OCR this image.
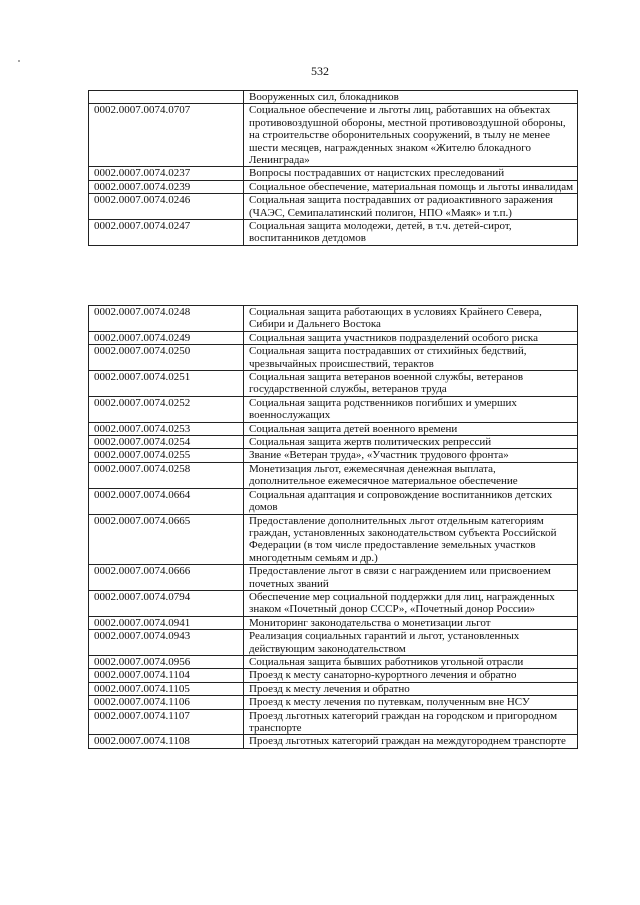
532
	Вооруженных сил, блокадников
0002.0007.0074.0707	Социальное обеспечение и льготы лиц, работавших на объектах противовоздушной обороны, местной противовоздушной обороны, на строительстве оборонительных сооружений, в тылу не менее шести месяцев, награжденных знаком «Жителю блокадного Ленинграда»
0002.0007.0074.0237	Вопросы пострадавших от нацистских преследований
0002.0007.0074.0239	Социальное обеспечение, материальная помощь и льготы инвалидам
0002.0007.0074.0246	Социальная защита пострадавших от радиоактивного заражения (ЧАЭС, Семипалатинский полигон, НПО «Маяк» и т.п.)
0002.0007.0074.0247	Социальная защита молодежи, детей, в т.ч. детей-сирот, воспитанников детдомов
0002.0007.0074.0248	Социальная защита работающих в условиях Крайнего Севера, Сибири и Дальнего Востока
0002.0007.0074.0249	Социальная защита участников подразделений особого риска
0002.0007.0074.0250	Социальная защита пострадавших от стихийных бедствий, чрезвычайных происшествий, терактов
0002.0007.0074.0251	Социальная защита ветеранов военной службы, ветеранов государственной службы, ветеранов труда
0002.0007.0074.0252	Социальная защита родственников погибших и умерших военнослужащих
0002.0007.0074.0253	Социальная защита детей военного времени
0002.0007.0074.0254	Социальная защита жертв политических репрессий
0002.0007.0074.0255	Звание «Ветеран труда», «Участник трудового фронта»
0002.0007.0074.0258	Монетизация льгот, ежемесячная денежная выплата, дополнительное ежемесячное материальное обеспечение
0002.0007.0074.0664	Социальная адаптация и сопровождение воспитанников детских домов
0002.0007.0074.0665	Предоставление дополнительных льгот отдельным категориям граждан, установленных законодательством субъекта Российской Федерации (в том числе предоставление земельных участков многодетным семьям и др.)
0002.0007.0074.0666	Предоставление льгот в связи с награждением или присвоением почетных званий
0002.0007.0074.0794	Обеспечение мер социальной поддержки для лиц, награжденных знаком «Почетный донор СССР», «Почетный донор России»
0002.0007.0074.0941	Мониторинг законодательства о монетизации льгот
0002.0007.0074.0943	Реализация социальных гарантий и льгот, установленных действующим законодательством
0002.0007.0074.0956	Социальная защита бывших работников угольной отрасли
0002.0007.0074.1104	Проезд к месту санаторно-курортного лечения и обратно
0002.0007.0074.1105	Проезд к месту лечения и обратно
0002.0007.0074.1106	Проезд к месту лечения по путевкам, полученным вне НСУ
0002.0007.0074.1107	Проезд льготных категорий граждан на городском и пригородном транспорте
0002.0007.0074.1108	Проезд льготных категорий граждан на междугороднем транспорте
